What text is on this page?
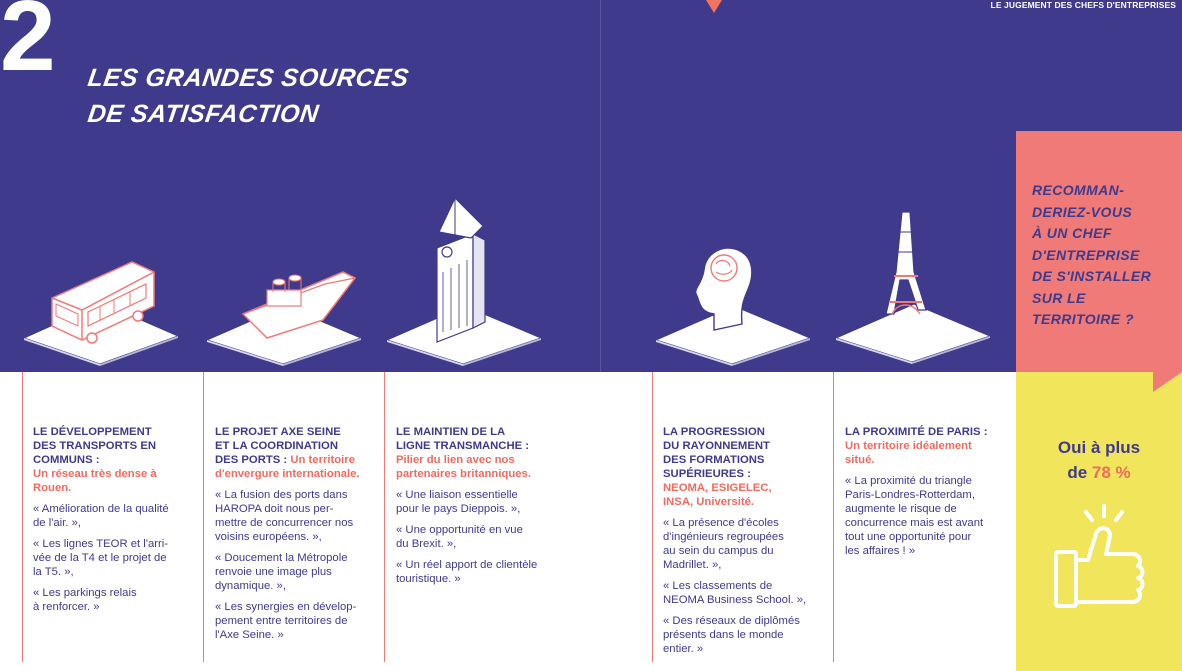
LE JUGEMENT DES CHEFS D'ENTREPRISES
2 LES GRANDES SOURCES
DE SATISFACTION
RECOMMAN-
DERIEZ-VOUS
À UN CHEF
D'ENTREPRISE
DE S'INSTALLER
SUR LE
TERRITOIRE ?
Oui à plus
de 78 %
LE DÉVELOPPEMENT
DES TRANSPORTS EN
COMMUNS :
Un réseau très dense à
Rouen.
« Amélioration de la qualité
de l'air. »,
« Les lignes TEOR et l'arri-
vée de la T4 et le projet de
la T5. »,
« Les parkings relais
à renforcer. »
LE PROJET AXE SEINE
ET LA COORDINATION
DES PORTS : Un territoire
d'envergure internationale.
« La fusion des ports dans
HAROPA doit nous per-
mettre de concurrencer nos
voisins européens. »,
« Doucement la Métropole
renvoie une image plus
dynamique. »,
« Les synergies en dévelop-
pement entre territoires de
l'Axe Seine. »
LE MAINTIEN DE LA
LIGNE TRANSMANCHE :
Pilier du lien avec nos
partenaires britanniques.
« Une liaison essentielle
pour le pays Dieppois. »,
« Une opportunité en vue
du Brexit. »,
« Un réel apport de clientèle
touristique. »
LA PROGRESSION
DU RAYONNEMENT
DES FORMATIONS
SUPÉRIEURES :
NEOMA, ESIGELEC,
INSA, Université.
« La présence d'écoles
d'ingénieurs regroupées
au sein du campus du
Madrillet. »,
« Les classements de
NEOMA Business School. »,
« Des réseaux de diplômés
présents dans le monde
entier. »
LA PROXIMITÉ DE PARIS :
Un territoire idéalement
situé.
« La proximité du triangle
Paris-Londres-Rotterdam,
augmente le risque de
concurrence mais est avant
tout une opportunité pour
les affaires ! »
